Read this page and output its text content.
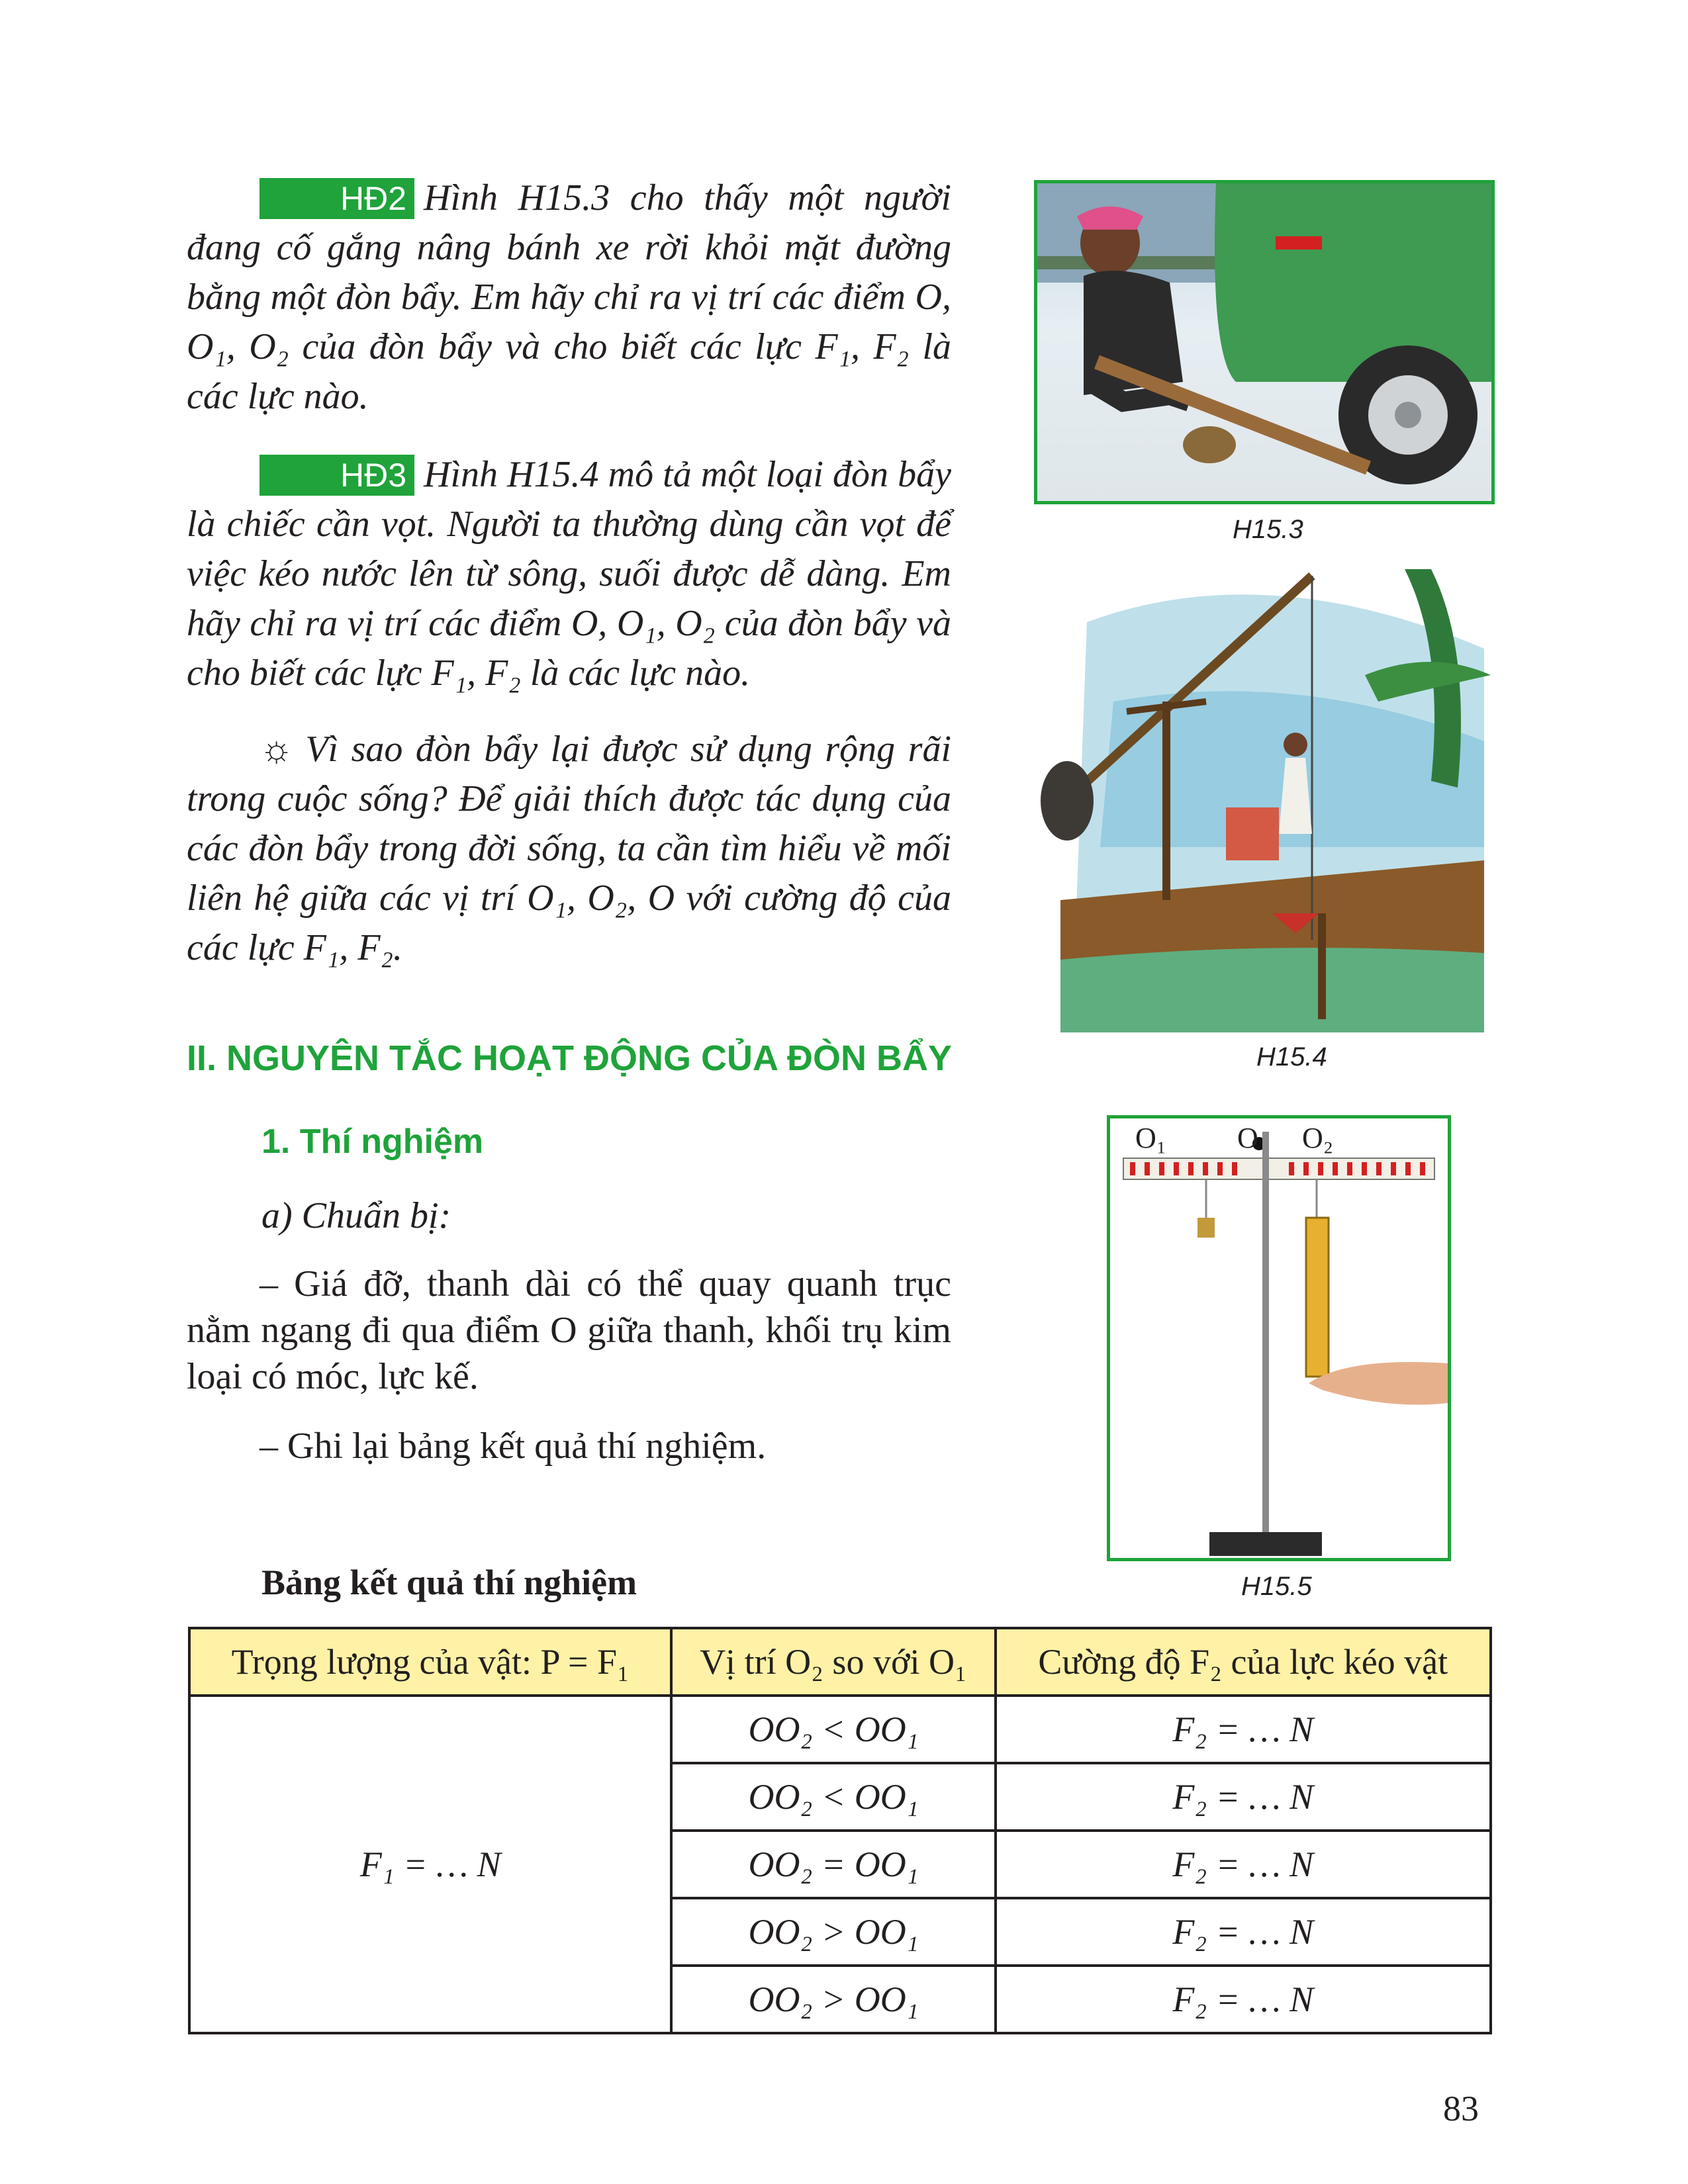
HĐ2 Hình H15.3 cho thấy một người đang cố gắng nâng bánh xe rời khỏi mặt đường bằng một đòn bẩy. Em hãy chỉ ra vị trí các điểm O, O₁, O₂ của đòn bẩy và cho biết các lực F₁, F₂ là các lực nào.

HĐ3 Hình H15.4 mô tả một loại đòn bẩy là chiếc cần vọt. Người ta thường dùng cần vọt để việc kéo nước lên từ sông, suối được dễ dàng. Em hãy chỉ ra vị trí các điểm O, O₁, O₂ của đòn bẩy và cho biết các lực F₁, F₂ là các lực nào.

☼ Vì sao đòn bẩy lại được sử dụng rộng rãi trong cuộc sống? Để giải thích được tác dụng của các đòn bẩy trong đời sống, ta cần tìm hiểu về mối liên hệ giữa các vị trí O₁, O₂, O với cường độ của các lực F₁, F₂.

II. NGUYÊN TẮC HOẠT ĐỘNG CỦA ĐÒN BẨY
1. Thí nghiệm
a) Chuẩn bị:
– Giá đỡ, thanh dài có thể quay quanh trục nằm ngang đi qua điểm O giữa thanh, khối trụ kim loại có móc, lực kế.
– Ghi lại bảng kết quả thí nghiệm.
H15.3
H15.4
O₁ O O₂
H15.5
Bảng kết quả thí nghiệm
Trọng lượng của vật: P = F₁	Vị trí O₂ so với O₁	Cường độ F₂ của lực kéo vật
F₁ = … N	OO₂ < OO₁	F₂ = … N
	OO₂ < OO₁	F₂ = … N
	OO₂ = OO₁	F₂ = … N
	OO₂ > OO₁	F₂ = … N
	OO₂ > OO₁	F₂ = … N
83
